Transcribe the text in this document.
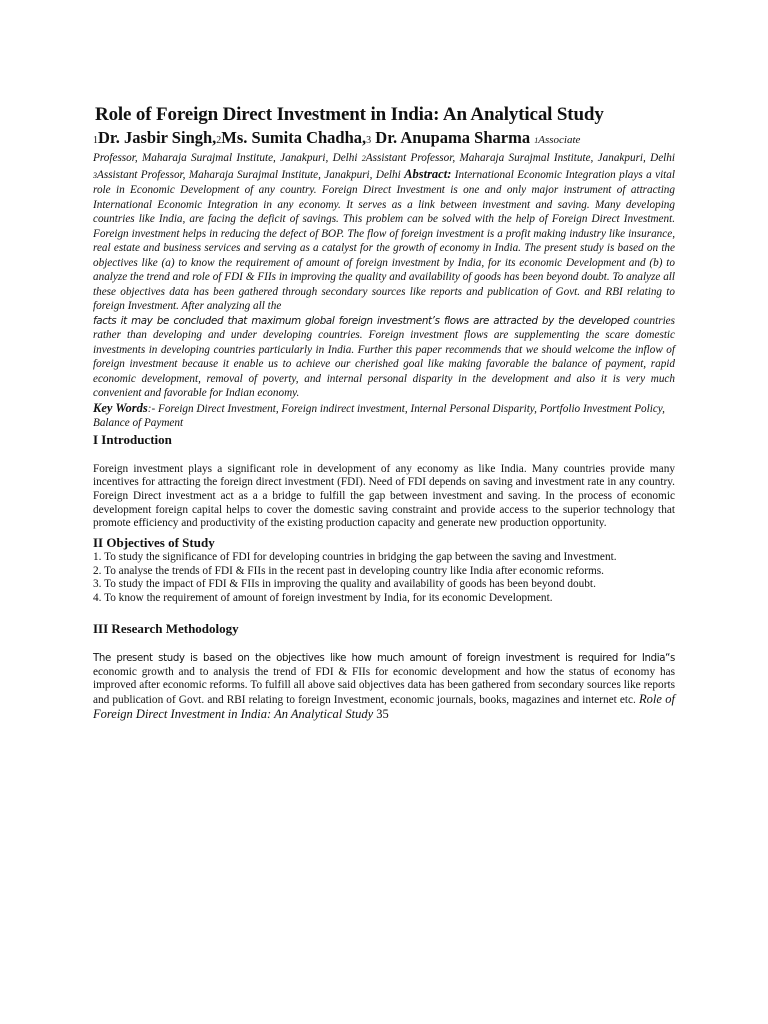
Role of Foreign Direct Investment in India: An Analytical Study

1Dr. Jasbir Singh,2Ms. Sumita Chadha,3 Dr. Anupama Sharma 1Associate

Professor, Maharaja Surajmal Institute, Janakpuri, Delhi 2Assistant Professor, Maharaja Surajmal Institute, Janakpuri, Delhi 3Assistant Professor, Maharaja Surajmal Institute, Janakpuri, Delhi Abstract: International Economic Integration plays a vital role in Economic Development of any country. Foreign Direct Investment is one and only major instrument of attracting International Economic Integration in any economy. It serves as a link between investment and saving. Many developing countries like India, are facing the deficit of savings. This problem can be solved with the help of Foreign Direct Investment. Foreign investment helps in reducing the defect of BOP. The flow of foreign investment is a profit making industry like insurance, real estate and business services and serving as a catalyst for the growth of economy in India. The present study is based on the objectives like (a) to know the requirement of amount of foreign investment by India, for its economic Development and (b) to analyze the trend and role of FDI & FIIs in improving the quality and availability of goods has been beyond doubt. To analyze all these objectives data has been gathered through secondary sources like reports and publication of Govt. and RBI relating to foreign Investment. After analyzing all the
facts it may be concluded that maximum global foreign investment’s flows are attracted by the developed countries rather than developing and under developing countries. Foreign investment flows are supplementing the scare domestic investments in developing countries particularly in India. Further this paper recommends that we should welcome the inflow of foreign investment because it enable us to achieve our cherished goal like making favorable the balance of payment, rapid economic development, removal of poverty, and internal personal disparity in the development and also it is very much convenient and favorable for Indian economy.

Key Words:- Foreign Direct Investment, Foreign indirect investment, Internal Personal Disparity, Portfolio Investment Policy, Balance of Payment

I Introduction

Foreign investment plays a significant role in development of any economy as like India. Many countries provide many incentives for attracting the foreign direct investment (FDI). Need of FDI depends on saving and investment rate in any country. Foreign Direct investment act as a a bridge to fulfill the gap between investment and saving. In the process of economic development foreign capital helps to cover the domestic saving constraint and provide access to the superior technology that promote efficiency and productivity of the existing production capacity and generate new production opportunity.

II Objectives of Study
1. To study the significance of FDI for developing countries in bridging the gap between the saving and Investment.
2. To analyse the trends of FDI & FIIs in the recent past in developing country like India after economic reforms.
3. To study the impact of FDI & FIIs in improving the quality and availability of goods has been beyond doubt.
4. To know the requirement of amount of foreign investment by India, for its economic Development.
III Research Methodology

The present study is based on the objectives like how much amount of foreign investment is required for India“s economic growth and to analysis the trend of FDI & FIIs for economic development and how the status of economy has improved after economic reforms. To fulfill all above said objectives data has been gathered from secondary sources like reports and publication of Govt. and RBI relating to foreign Investment, economic journals, books, magazines and internet etc. Role of Foreign Direct Investment in India: An Analytical Study 35
